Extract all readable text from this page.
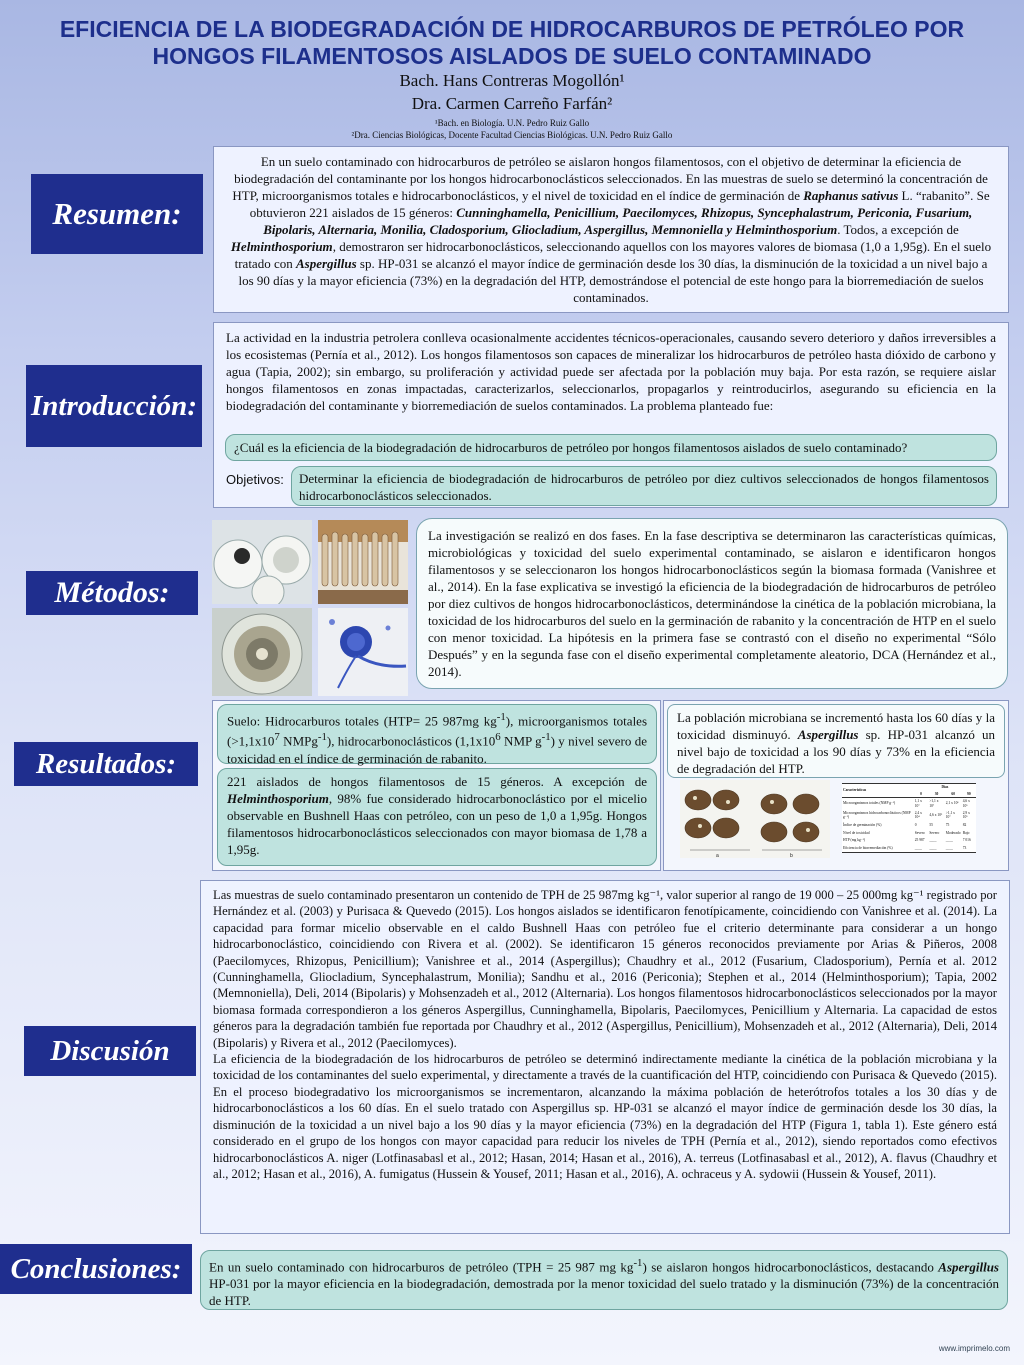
EFICIENCIA DE LA BIODEGRADACIÓN DE HIDROCARBUROS DE PETRÓLEO POR
HONGOS FILAMENTOSOS AISLADOS DE SUELO CONTAMINADO
Bach. Hans Contreras Mogollón¹
Dra. Carmen Carreño Farfán²
¹Bach. en Biología. U.N. Pedro Ruiz Gallo
²Dra. Ciencias Biológicas, Docente Facultad Ciencias Biológicas. U.N. Pedro Ruiz Gallo
Resumen:
En un suelo contaminado con hidrocarburos de petróleo se aislaron hongos filamentosos, con el objetivo de determinar la eficiencia de biodegradación del contaminante por los hongos hidrocarbonoclásticos seleccionados. En las muestras de suelo se determinó la concentración de HTP, microorganismos totales e hidrocarbonoclásticos, y el nivel de toxicidad en el índice de germinación de Raphanus sativus L. “rabanito”. Se obtuvieron 221 aislados de 15 géneros: Cunninghamella, Penicillium, Paecilomyces, Rhizopus, Syncephalastrum, Periconia, Fusarium, Bipolaris, Alternaria, Monilia, Cladosporium, Gliocladium, Aspergillus, Memnoniella y Helminthosporium. Todos, a excepción de Helminthosporium, demostraron ser hidrocarbonoclásticos, seleccionando aquellos con los mayores valores de biomasa (1,0 a 1,95g). En el suelo tratado con Aspergillus sp. HP-031 se alcanzó el mayor índice de germinación desde los 30 días, la disminución de la toxicidad a un nivel bajo a los 90 días y la mayor eficiencia (73%) en la degradación del HTP, demostrándose el potencial de este hongo para la biorremediación de suelos contaminados.
Introducción:
La actividad en la industria petrolera conlleva ocasionalmente accidentes técnicos-operacionales, causando severo deterioro y daños irreversibles a los ecosistemas (Pernía et al., 2012). Los hongos filamentosos son capaces de mineralizar los hidrocarburos de petróleo hasta dióxido de carbono y agua (Tapia, 2002); sin embargo, su proliferación y actividad puede ser afectada por la población muy baja. Por esta razón, se requiere aislar hongos filamentosos en zonas impactadas, caracterizarlos, seleccionarlos, propagarlos y reintroducirlos, asegurando su eficiencia en la biodegradación del contaminante y biorremediación de suelos contaminados. La problema planteado fue:
¿Cuál es la eficiencia de la biodegradación de hidrocarburos de petróleo por hongos filamentosos aislados de suelo contaminado?
Objetivos:	Determinar la eficiencia de biodegradación de hidrocarburos de petróleo por diez cultivos seleccionados de hongos filamentosos hidrocarbonoclásticos seleccionados.
Métodos:
La investigación se realizó en dos fases. En la fase descriptiva se determinaron las características químicas, microbiológicas y toxicidad del suelo experimental contaminado, se aislaron e identificaron hongos filamentosos y se seleccionaron los hongos hidrocarbonoclásticos según la biomasa formada (Vanishree et al., 2014). En la fase explicativa se investigó la eficiencia de la biodegradación de hidrocarburos de petróleo por diez cultivos de hongos hidrocarbonoclásticos, determinándose la cinética de la población microbiana, la toxicidad de los hidrocarburos del suelo en la germinación de rabanito y la concentración de HTP en el suelo con menor toxicidad. La hipótesis en la primera fase se contrastó con el diseño no experimental “Sólo Después” y en la segunda fase con el diseño experimental completamente aleatorio, DCA (Hernández et al., 2014).
Resultados:
Suelo: Hidrocarburos totales (HTP= 25 987mg $kg^{-1}$), microorganismos totales ($>1,1x10^7$ NMPg$^{-1}$), hidrocarbonoclásticos ($1,1x10^6$ NMP $g^{-1}$) y nivel severo de toxicidad en el índice de germinación de rabanito.
221 aislados de hongos filamentosos de 15 géneros. A excepción de Helminthosporium, 98% fue considerado hidrocarbonoclástico por el micelio observable en Bushnell Haas con petróleo, con un peso de 1,0 a 1,95g. Hongos filamentosos hidrocarbonoclásticos seleccionados con mayor biomasa de 1,78 a 1,95g.
La población microbiana se incrementó hasta los 60 días y la toxicidad disminuyó. Aspergillus sp. HP-031 alcanzó un nivel bajo de toxicidad a los 90 días y 73% en la eficiencia de degradación del HTP.
a	b
Características	Días			
	0	30	60	90
Microorganismos totales (NMP g⁻¹)	1,1 x 10⁷	>1,1 x 10⁷	2,1 x 10⁶	4,6 x 10⁵
Microorganismos hidrocarbonoclásticos (NMP g⁻¹)	2,4 x 10⁴	4,6 x 10⁵	>1,1 x 10⁷	2,9 x 10⁵
Índice de germinación (%)	0	55	75	82
Nivel de toxicidad	Severo	Severo	Moderado	Bajo
HTP (mg kg⁻¹)	25 987	____	____	7 016
Eficiencia de biorremediación (%)	____	____	____	73
Discusión
Las muestras de suelo contaminado presentaron un contenido de TPH de 25 987mg kg⁻¹, valor superior al rango de 19 000 – 25 000mg kg⁻¹ registrado por Hernández et al. (2003) y Purisaca & Quevedo (2015). Los hongos aislados se identificaron fenotípicamente, coincidiendo con Vanishree et al. (2014). La capacidad para formar micelio observable en el caldo Bushnell Haas con petróleo fue el criterio determinante para considerar a un hongo hidrocarbonoclástico, coincidiendo con Rivera et al. (2002). Se identificaron 15 géneros reconocidos previamente por Arias & Piñeros, 2008 (Paecilomyces, Rhizopus, Penicillium); Vanishree et al., 2014 (Aspergillus); Chaudhry et al., 2012 (Fusarium, Cladosporium), Pernía et al. 2012 (Cunninghamella, Gliocladium, Syncephalastrum, Monilia); Sandhu et al., 2016 (Periconia); Stephen et al., 2014 (Helminthosporium); Tapia, 2002 (Memnoniella), Deli, 2014 (Bipolaris) y Mohsenzadeh et al., 2012 (Alternaria). Los hongos filamentosos hidrocarbonoclásticos seleccionados por la mayor biomasa formada correspondieron a los géneros Aspergillus, Cunninghamella, Bipolaris, Paecilomyces, Penicillium y Alternaria. La capacidad de estos géneros para la degradación también fue reportada por Chaudhry et al., 2012 (Aspergillus, Penicillium), Mohsenzadeh et al., 2012 (Alternaria), Deli, 2014 (Bipolaris) y Rivera et al., 2012 (Paecilomyces).
La eficiencia de la biodegradación de los hidrocarburos de petróleo se determinó indirectamente mediante la cinética de la población microbiana y la toxicidad de los contaminantes del suelo experimental, y directamente a través de la cuantificación del HTP, coincidiendo con Purisaca & Quevedo (2015). En el proceso biodegradativo los microorganismos se incrementaron, alcanzando la máxima población de heterótrofos totales a los 30 días y de hidrocarbonoclásticos a los 60 días. En el suelo tratado con Aspergillus sp. HP-031 se alcanzó el mayor índice de germinación desde los 30 días, la disminución de la toxicidad a un nivel bajo a los 90 días y la mayor eficiencia (73%) en la degradación del HTP (Figura 1, tabla 1). Este género está considerado en el grupo de los hongos con mayor capacidad para reducir los niveles de TPH (Pernía et al., 2012), siendo reportados como efectivos hidrocarbonoclásticos A. niger (Lotfinasabasl et al., 2012; Hasan, 2014; Hasan et al., 2016), A. terreus (Lotfinasabasl et al., 2012), A. flavus (Chaudhry et al., 2012; Hasan et al., 2016), A. fumigatus (Hussein & Yousef, 2011; Hasan et al., 2016), A. ochraceus y A. sydowii (Hussein & Yousef, 2011).
Conclusiones:	En un suelo contaminado con hidrocarburos de petróleo (TPH = 25 987 mg $kg^{-1}$) se aislaron hongos hidrocarbonoclásticos, destacando Aspergillus HP-031 por la mayor eficiencia en la biodegradación, demostrada por la menor toxicidad del suelo tratado y la disminución (73%) de la concentración de HTP.
www.imprimelo.com
